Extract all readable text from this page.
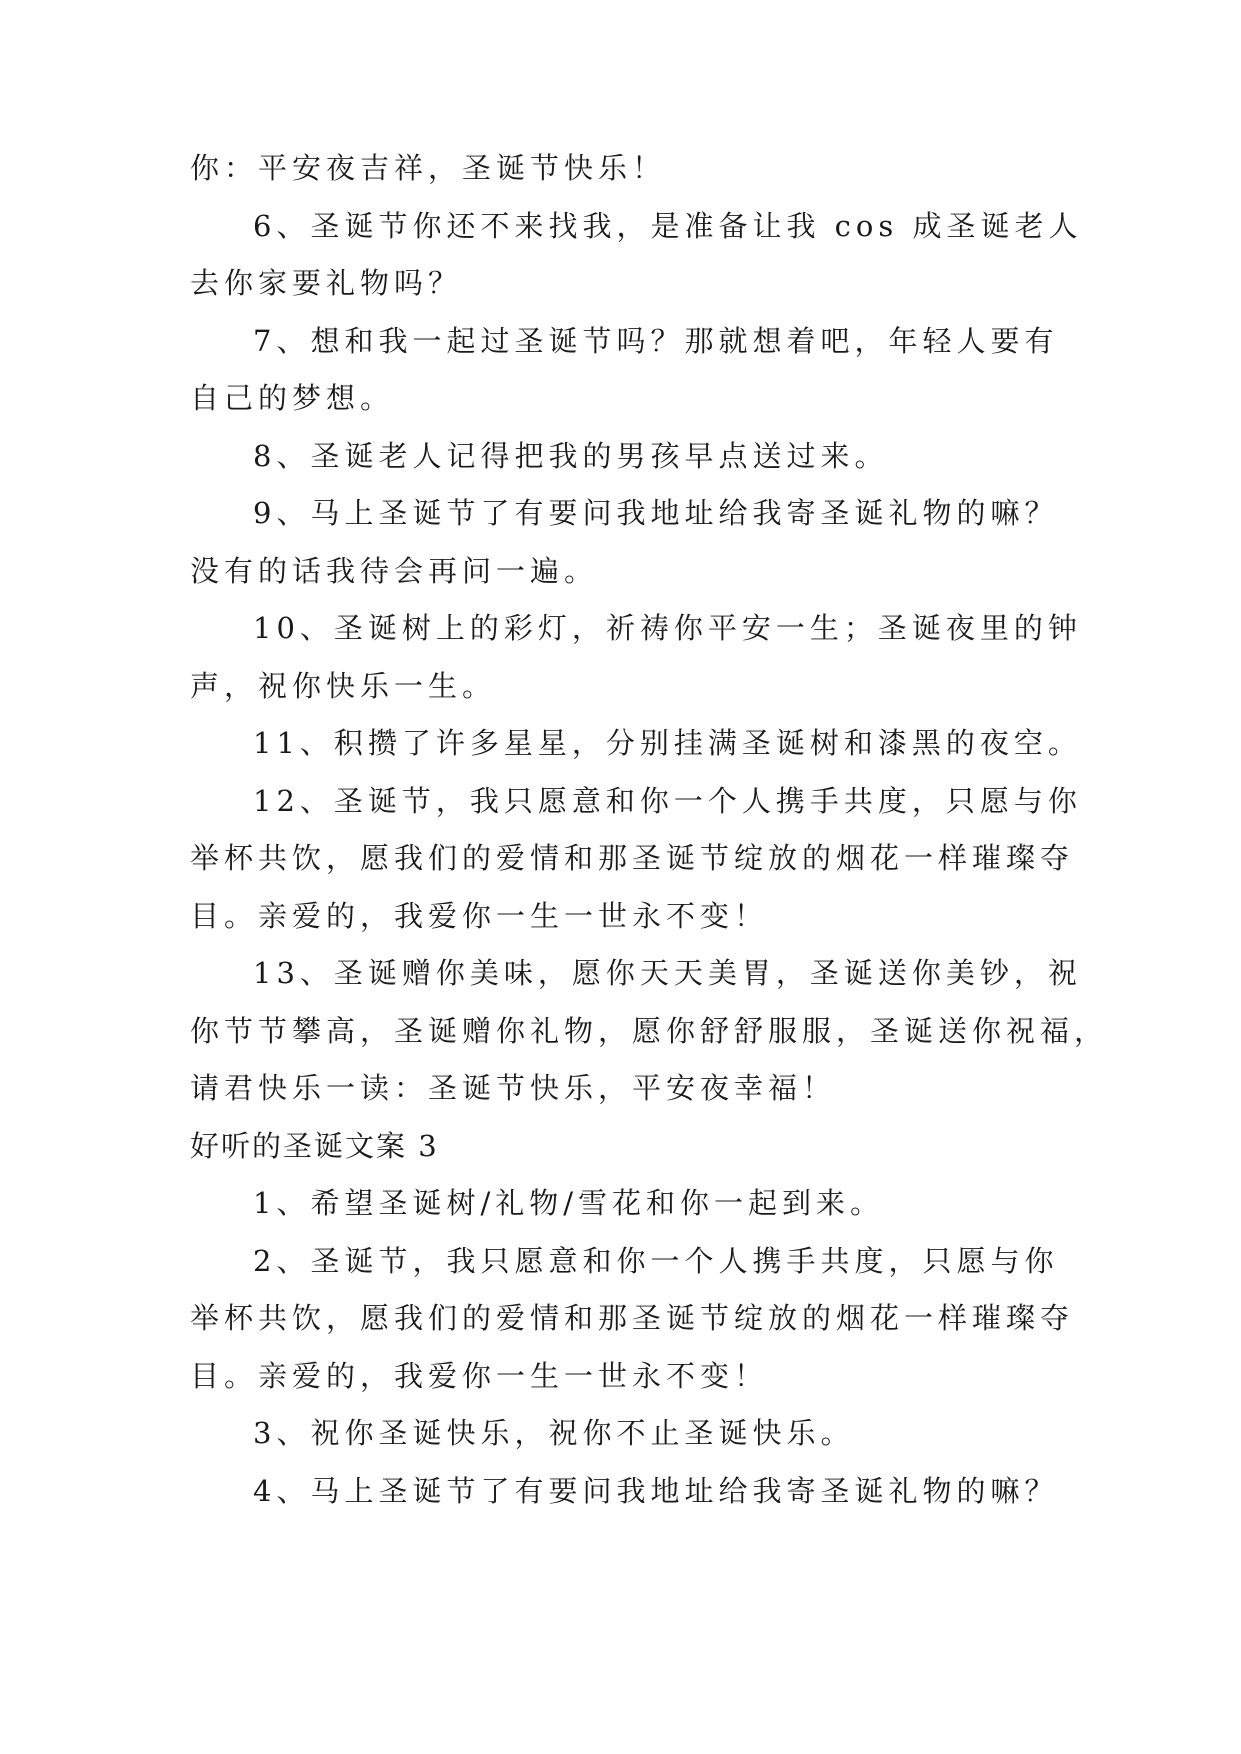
你：平安夜吉祥，圣诞节快乐！
6、圣诞节你还不来找我，是准备让我 cos 成圣诞老人
去你家要礼物吗？
7、想和我一起过圣诞节吗？那就想着吧，年轻人要有
自己的梦想。
8、圣诞老人记得把我的男孩早点送过来。
9、马上圣诞节了有要问我地址给我寄圣诞礼物的嘛？
没有的话我待会再问一遍。
10、圣诞树上的彩灯，祈祷你平安一生；圣诞夜里的钟
声，祝你快乐一生。
11、积攒了许多星星，分别挂满圣诞树和漆黑的夜空。
12、圣诞节，我只愿意和你一个人携手共度，只愿与你
举杯共饮，愿我们的爱情和那圣诞节绽放的烟花一样璀璨夺
目。亲爱的，我爱你一生一世永不变！
13、圣诞赠你美味，愿你天天美胃，圣诞送你美钞，祝
你节节攀高，圣诞赠你礼物，愿你舒舒服服，圣诞送你祝福，
请君快乐一读：圣诞节快乐，平安夜幸福！
好听的圣诞文案 3
1、希望圣诞树/礼物/雪花和你一起到来。
2、圣诞节，我只愿意和你一个人携手共度，只愿与你
举杯共饮，愿我们的爱情和那圣诞节绽放的烟花一样璀璨夺
目。亲爱的，我爱你一生一世永不变！
3、祝你圣诞快乐，祝你不止圣诞快乐。
4、马上圣诞节了有要问我地址给我寄圣诞礼物的嘛？
